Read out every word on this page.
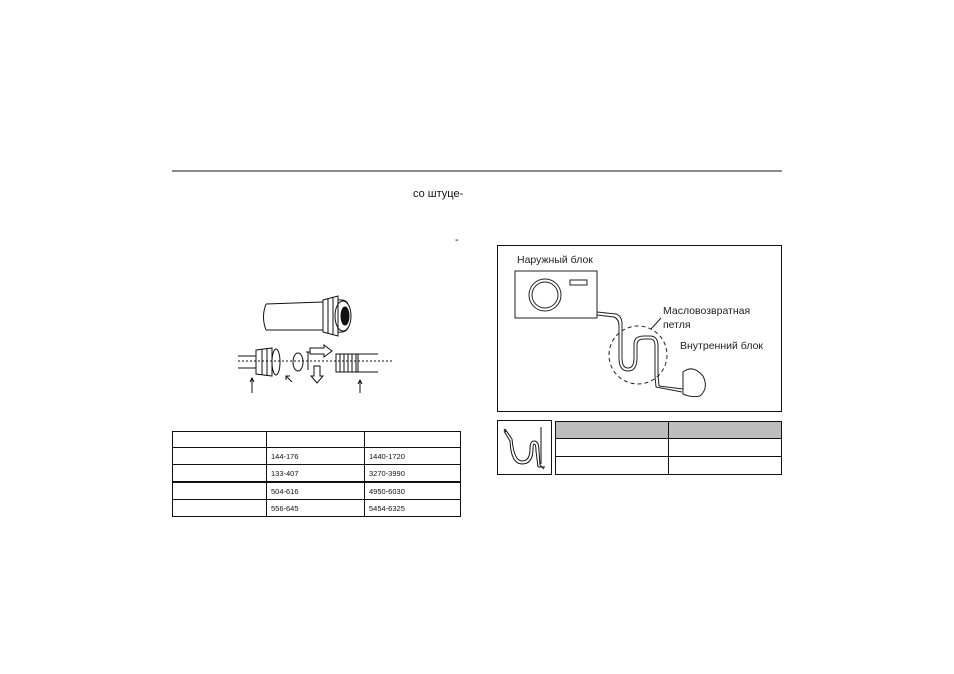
со штуце-
-

	144-176	1440-1720
	133-407	3270-3990
	504-616	4950-6030
	556-645	5454-6325
Наружный блок
Масловозвратная
петля
Внутренний блок
